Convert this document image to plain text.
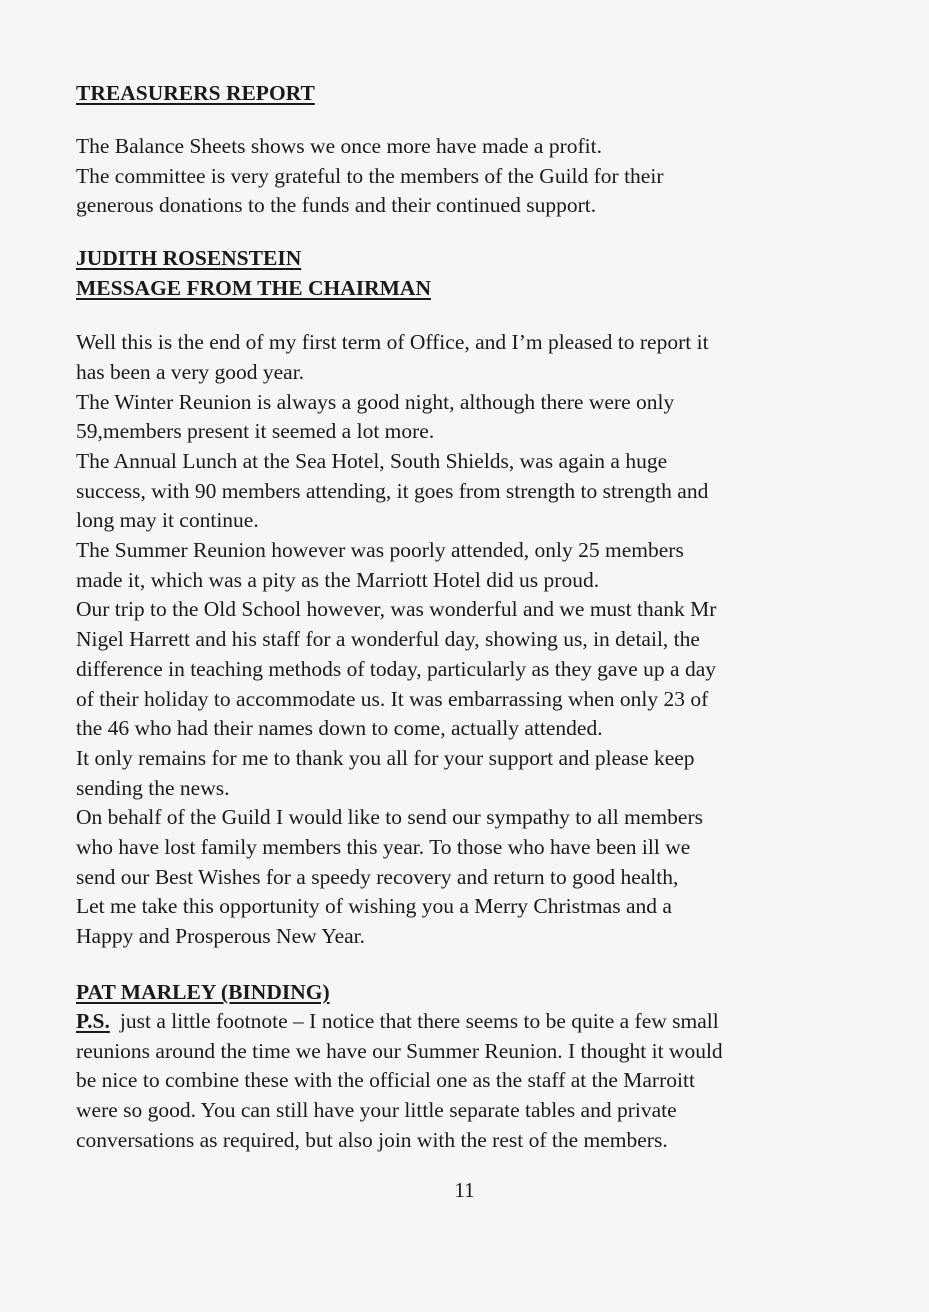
TREASURERS REPORT

The Balance Sheets shows we once more have made a profit.
The committee is very grateful to the members of the Guild for their
generous donations to the funds and their continued support.

JUDITH ROSENSTEIN
MESSAGE FROM THE CHAIRMAN

Well this is the end of my first term of Office, and I’m pleased to report it
has been a very good year.
The Winter Reunion is always a good night, although there were only
59,members present it seemed a lot more.
The Annual Lunch at the Sea Hotel, South Shields, was again a huge
success, with 90 members attending, it goes from strength to strength and
long may it continue.
The Summer Reunion however was poorly attended, only 25 members
made it, which was a pity as the Marriott Hotel did us proud.
Our trip to the Old School however, was wonderful and we must thank Mr
Nigel Harrett and his staff for a wonderful day, showing us, in detail, the
difference in teaching methods of today, particularly as they gave up a day
of their holiday to accommodate us. It was embarrassing when only 23 of
the 46 who had their names down to come, actually attended.
It only remains for me to thank you all for your support and please keep
sending the news.
On behalf of the Guild I would like to send our sympathy to all members
who have lost family members this year. To those who have been ill we
send our Best Wishes for a speedy recovery and return to good health,
Let me take this opportunity of wishing you a Merry Christmas and a
Happy and Prosperous New Year.

PAT MARLEY (BINDING)

P.S. just a little footnote – I notice that there seems to be quite a few small
reunions around the time we have our Summer Reunion. I thought it would
be nice to combine these with the official one as the staff at the Marroitt
were so good. You can still have your little separate tables and private
conversations as required, but also join with the rest of the members.

11
